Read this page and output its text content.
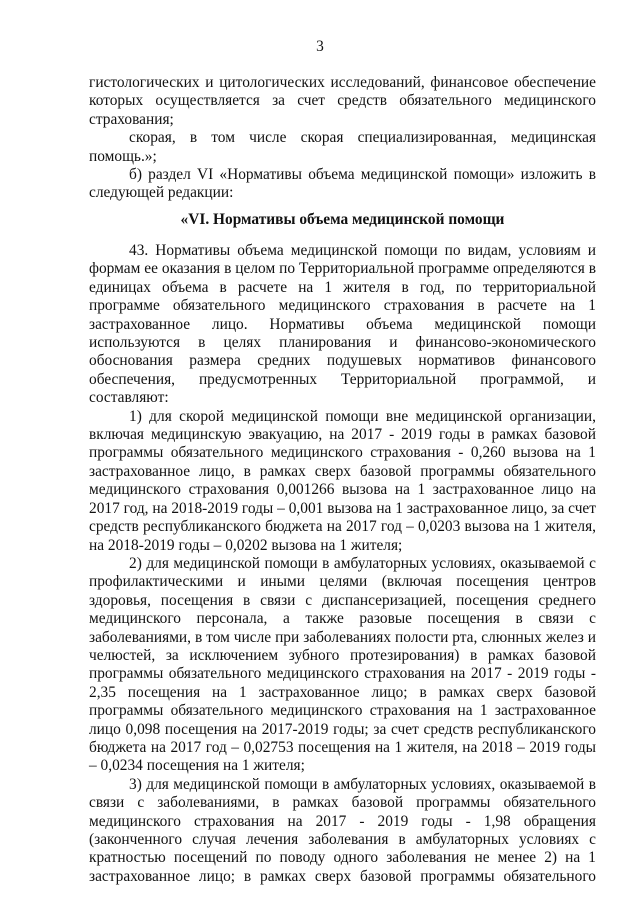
3
гистологических и цитологических исследований, финансовое обеспечение которых осуществляется за счет средств обязательного медицинского страхования;
скорая, в том числе скорая специализированная, медицинская помощь.»;
б) раздел VI «Нормативы объема медицинской помощи» изложить в следующей редакции:
«VI. Нормативы объема медицинской помощи
43. Нормативы объема медицинской помощи по видам, условиям и формам ее оказания в целом по Территориальной программе определяются в единицах объема в расчете на 1 жителя в год, по территориальной программе обязательного медицинского страхования в расчете на 1 застрахованное лицо. Нормативы объема медицинской помощи используются в целях планирования и финансово-экономического обоснования размера средних подушевых нормативов финансового обеспечения, предусмотренных Территориальной программой, и составляют:
1) для скорой медицинской помощи вне медицинской организации, включая медицинскую эвакуацию, на 2017 - 2019 годы в рамках базовой программы обязательного медицинского страхования - 0,260 вызова на 1 застрахованное лицо, в рамках сверх базовой программы обязательного медицинского страхования 0,001266 вызова на 1 застрахованное лицо на 2017 год, на 2018-2019 годы – 0,001 вызова на 1 застрахованное лицо, за счет средств республиканского бюджета на 2017 год – 0,0203 вызова на 1 жителя, на 2018-2019 годы – 0,0202 вызова на 1 жителя;
2) для медицинской помощи в амбулаторных условиях, оказываемой с профилактическими и иными целями (включая посещения центров здоровья, посещения в связи с диспансеризацией, посещения среднего медицинского персонала, а также разовые посещения в связи с заболеваниями, в том числе при заболеваниях полости рта, слюнных желез и челюстей, за исключением зубного протезирования) в рамках базовой программы обязательного медицинского страхования на 2017 - 2019 годы - 2,35 посещения на 1 застрахованное лицо; в рамках сверх базовой программы обязательного медицинского страхования на 1 застрахованное лицо 0,098 посещения на 2017-2019 годы; за счет средств республиканского бюджета на 2017 год – 0,02753 посещения на 1 жителя, на 2018 – 2019 годы – 0,0234 посещения на 1 жителя;
3) для медицинской помощи в амбулаторных условиях, оказываемой в связи с заболеваниями, в рамках базовой программы обязательного медицинского страхования на 2017 - 2019 годы - 1,98 обращения (законченного случая лечения заболевания в амбулаторных условиях с кратностью посещений по поводу одного заболевания не менее 2) на 1 застрахованное лицо; в рамках сверх базовой программы обязательного
